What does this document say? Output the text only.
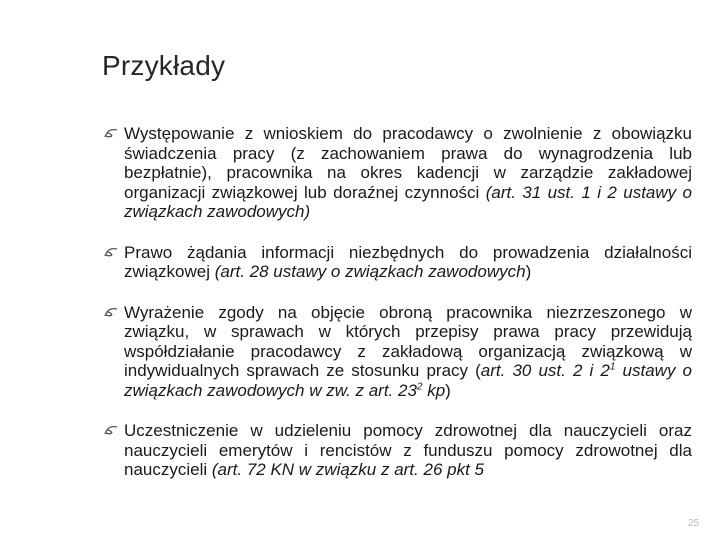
Przykłady
Występowanie z wnioskiem do pracodawcy o zwolnienie z obowiązku świadczenia pracy (z zachowaniem prawa do wynagrodzenia lub bezpłatnie), pracownika na okres kadencji w zarządzie zakładowej organizacji związkowej lub doraźnej czynności (art. 31 ust. 1 i 2 ustawy o związkach zawodowych)
Prawo żądania informacji niezbędnych do prowadzenia działalności związkowej (art. 28 ustawy o związkach zawodowych)
Wyrażenie zgody na objęcie obroną pracownika niezrzeszonego w związku, w sprawach w których przepisy prawa pracy przewidują współdziałanie pracodawcy z zakładową organizacją związkową w indywidualnych sprawach ze stosunku pracy (art. 30 ust. 2 i $2^1$ ustawy o związkach zawodowych w zw. z art. $23^2$ kp)
Uczestniczenie w udzieleniu pomocy zdrowotnej dla nauczycieli oraz nauczycieli emerytów i rencistów z funduszu pomocy zdrowotnej dla nauczycieli (art. 72 KN w związku z art. 26 pkt 5
25
